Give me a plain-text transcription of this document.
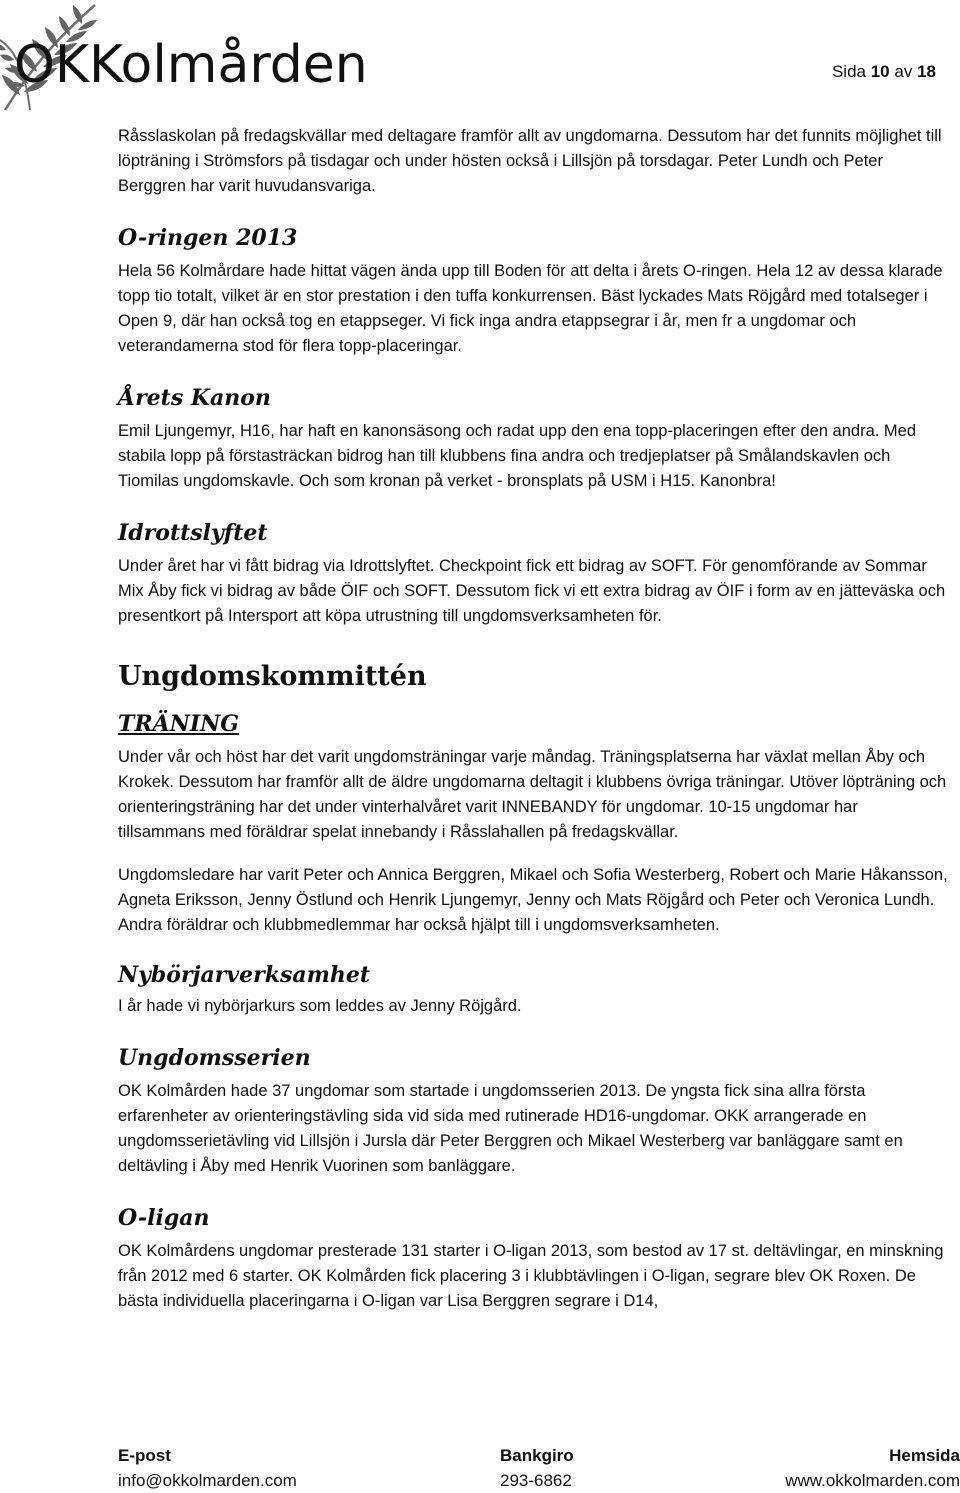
OKKolmården	Sida 10 av 18

Råsslaskolan på fredagskvällar med deltagare framför allt av ungdomarna. Dessutom har det funnits möjlighet till löpträning i Strömsfors på tisdagar och under hösten också i Lillsjön på torsdagar. Peter Lundh och Peter Berggren har varit huvudansvariga.

O-ringen 2013

Hela 56 Kolmårdare hade hittat vägen ända upp till Boden för att delta i årets O-ringen. Hela 12 av dessa klarade topp tio totalt, vilket är en stor prestation i den tuffa konkurrensen. Bäst lyckades Mats Röjgård med totalseger i Open 9, där han också tog en etappseger. Vi fick inga andra etappsegrar i år, men fr a ungdomar och veterandamerna stod för flera topp-placeringar.

Årets Kanon

Emil Ljungemyr, H16, har haft en kanonsäsong och radat upp den ena topp-placeringen efter den andra. Med stabila lopp på förstasträckan bidrog han till klubbens fina andra och tredjeplatser på Smålandskavlen och Tiomilas ungdomskavle. Och som kronan på verket - bronsplats på USM i H15. Kanonbra!

Idrottslyftet

Under året har vi fått bidrag via Idrottslyftet. Checkpoint fick ett bidrag av SOFT. För genomförande av Sommar Mix Åby fick vi bidrag av både ÖIF och SOFT. Dessutom fick vi ett extra bidrag av ÖIF i form av en jätteväska och presentkort på Intersport att köpa utrustning till ungdomsverksamheten för.

Ungdomskommittén
TRÄNING

Under vår och höst har det varit ungdomsträningar varje måndag. Träningsplatserna har växlat mellan Åby och Krokek. Dessutom har framför allt de äldre ungdomarna deltagit i klubbens övriga träningar. Utöver löpträning och orienteringsträning har det under vinterhalvåret varit INNEBANDY för ungdomar. 10-15 ungdomar har tillsammans med föräldrar spelat innebandy i Råsslahallen på fredagskvällar.

Ungdomsledare har varit Peter och Annica Berggren, Mikael och Sofia Westerberg, Robert och Marie Håkansson, Agneta Eriksson, Jenny Östlund och Henrik Ljungemyr, Jenny och Mats Röjgård och Peter och Veronica Lundh. Andra föräldrar och klubbmedlemmar har också hjälpt till i ungdomsverksamheten.

Nybörjarverksamhet

I år hade vi nybörjarkurs som leddes av Jenny Röjgård.

Ungdomsserien

OK Kolmården hade 37 ungdomar som startade i ungdomsserien 2013. De yngsta fick sina allra första erfarenheter av orienteringstävling sida vid sida med rutinerade HD16-ungdomar. OKK arrangerade en ungdomsserietävling vid Lillsjön i Jursla där Peter Berggren och Mikael Westerberg var banläggare samt en deltävling i Åby med Henrik Vuorinen som banläggare.

O-ligan

OK Kolmårdens ungdomar presterade 131 starter i O-ligan 2013, som bestod av 17 st. deltävlingar, en minskning från 2012 med 6 starter. OK Kolmården fick placering 3 i klubbtävlingen i O-ligan, segrare blev OK Roxen. De bästa individuella placeringarna i O-ligan var Lisa Berggren segrare i D14,

E-post
info@okkolmarden.com
Bankgiro
293-6862
Hemsida
www.okkolmarden.com
